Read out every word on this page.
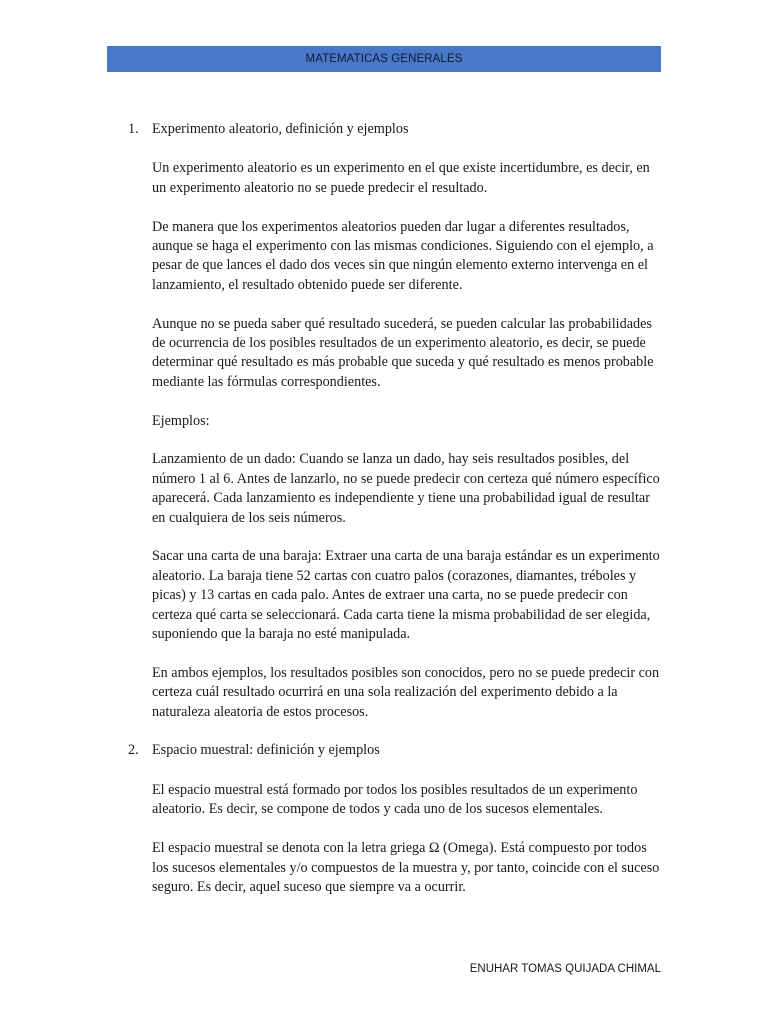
MATEMATICAS GENERALES
1. Experimento aleatorio, definición y ejemplos

Un experimento aleatorio es un experimento en el que existe incertidumbre, es decir, en un experimento aleatorio no se puede predecir el resultado.

De manera que los experimentos aleatorios pueden dar lugar a diferentes resultados, aunque se haga el experimento con las mismas condiciones. Siguiendo con el ejemplo, a pesar de que lances el dado dos veces sin que ningún elemento externo intervenga en el lanzamiento, el resultado obtenido puede ser diferente.

Aunque no se pueda saber qué resultado sucederá, se pueden calcular las probabilidades de ocurrencia de los posibles resultados de un experimento aleatorio, es decir, se puede determinar qué resultado es más probable que suceda y qué resultado es menos probable mediante las fórmulas correspondientes.

Ejemplos:

Lanzamiento de un dado: Cuando se lanza un dado, hay seis resultados posibles, del número 1 al 6. Antes de lanzarlo, no se puede predecir con certeza qué número específico aparecerá. Cada lanzamiento es independiente y tiene una probabilidad igual de resultar en cualquiera de los seis números.

Sacar una carta de una baraja: Extraer una carta de una baraja estándar es un experimento aleatorio. La baraja tiene 52 cartas con cuatro palos (corazones, diamantes, tréboles y picas) y 13 cartas en cada palo. Antes de extraer una carta, no se puede predecir con certeza qué carta se seleccionará. Cada carta tiene la misma probabilidad de ser elegida, suponiendo que la baraja no esté manipulada.

En ambos ejemplos, los resultados posibles son conocidos, pero no se puede predecir con certeza cuál resultado ocurrirá en una sola realización del experimento debido a la naturaleza aleatoria de estos procesos.

2. Espacio muestral: definición y ejemplos

El espacio muestral está formado por todos los posibles resultados de un experimento aleatorio. Es decir, se compone de todos y cada uno de los sucesos elementales.

El espacio muestral se denota con la letra griega Ω (Omega). Está compuesto por todos los sucesos elementales y/o compuestos de la muestra y, por tanto, coincide con el suceso seguro. Es decir, aquel suceso que siempre va a ocurrir.

ENUHAR TOMAS QUIJADA CHIMAL
